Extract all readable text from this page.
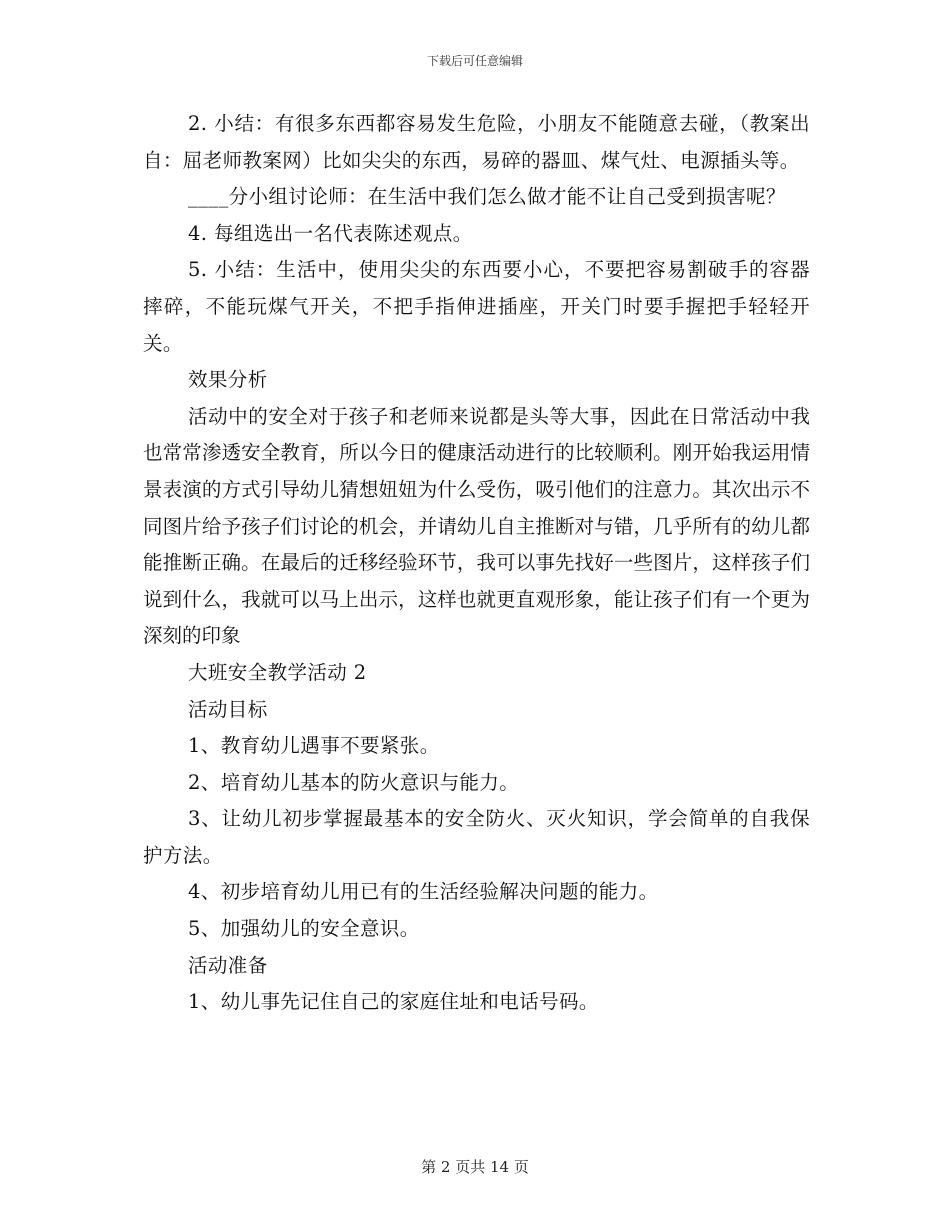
下载后可任意编辑

2. 小结：有很多东西都容易发生危险，小朋友不能随意去碰，（教案出自：屈老师教案网）比如尖尖的东西，易碎的器皿、煤气灶、电源插头等。

____分小组讨论师：在生活中我们怎么做才能不让自己受到损害呢？

4. 每组选出一名代表陈述观点。

5. 小结：生活中，使用尖尖的东西要小心，不要把容易割破手的容器摔碎，不能玩煤气开关，不把手指伸进插座，开关门时要手握把手轻轻开关。

效果分析

活动中的安全对于孩子和老师来说都是头等大事，因此在日常活动中我也常常渗透安全教育，所以今日的健康活动进行的比较顺利。刚开始我运用情景表演的方式引导幼儿猜想妞妞为什么受伤，吸引他们的注意力。其次出示不同图片给予孩子们讨论的机会，并请幼儿自主推断对与错，几乎所有的幼儿都能推断正确。在最后的迁移经验环节，我可以事先找好一些图片，这样孩子们说到什么，我就可以马上出示，这样也就更直观形象，能让孩子们有一个更为深刻的印象

大班安全教学活动 2

活动目标

1、教育幼儿遇事不要紧张。

2、培育幼儿基本的防火意识与能力。

3、让幼儿初步掌握最基本的安全防火、灭火知识，学会简单的自我保护方法。

4、初步培育幼儿用已有的生活经验解决问题的能力。

5、加强幼儿的安全意识。

活动准备

1、幼儿事先记住自己的家庭住址和电话号码。

第 2 页共 14 页
